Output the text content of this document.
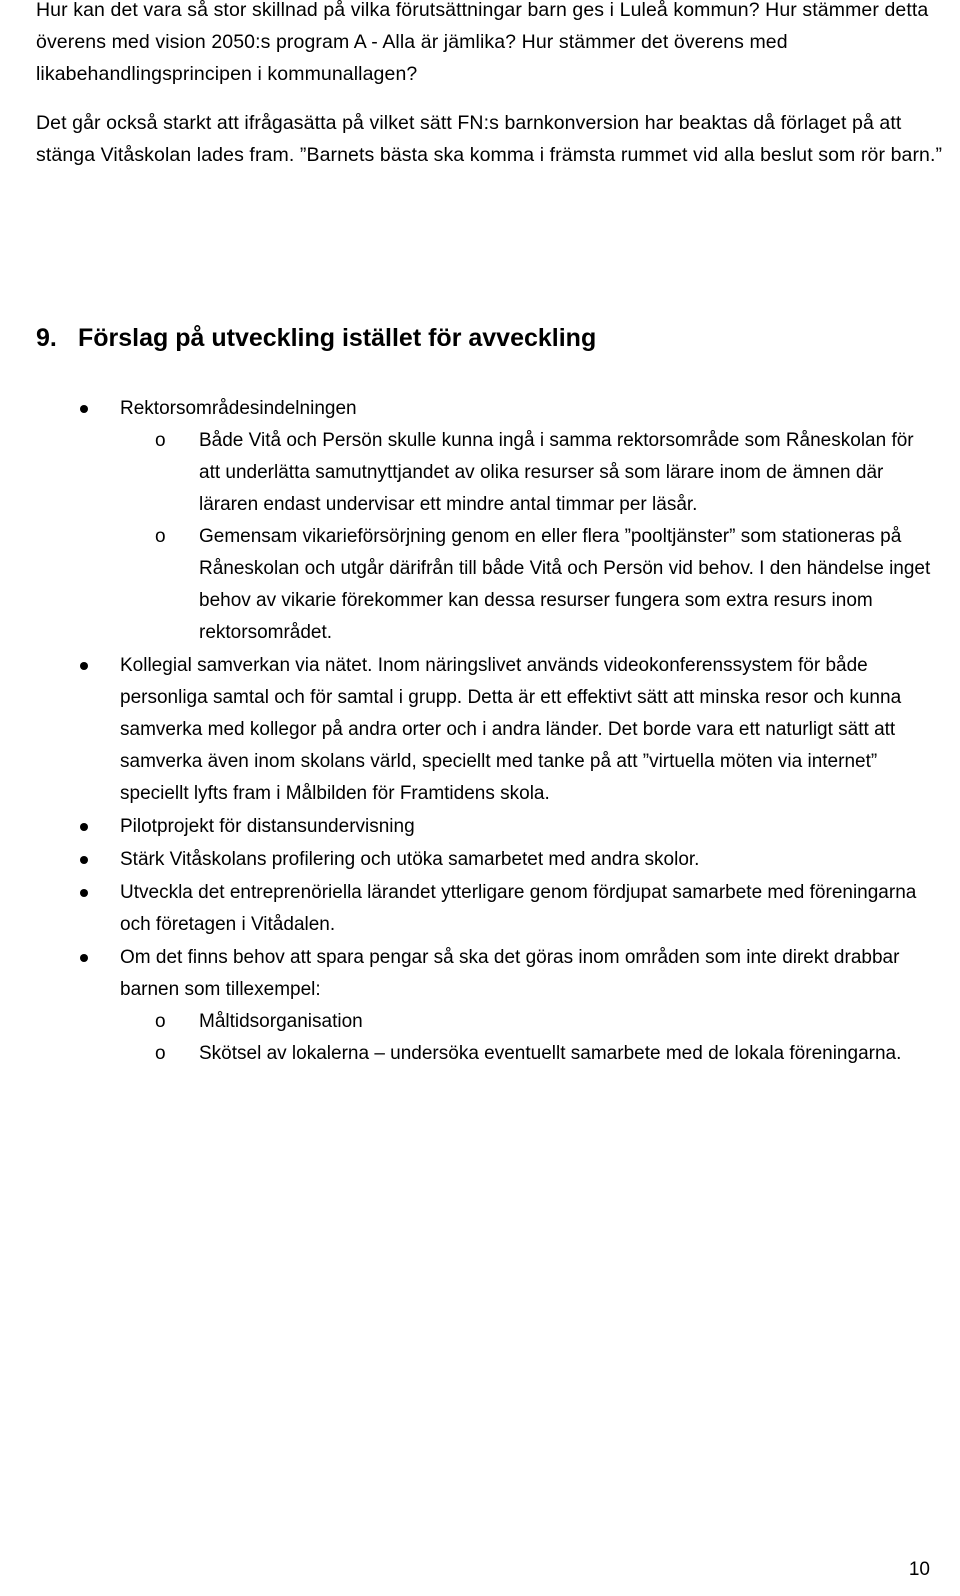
Hur kan det vara så stor skillnad på vilka förutsättningar barn ges i Luleå kommun? Hur stämmer detta överens med vision 2050:s program A - Alla är jämlika? Hur stämmer det överens med likabehandlingsprincipen i kommunallagen?

Det går också starkt att ifrågasätta på vilket sätt FN:s barnkonversion har beaktas då förlaget på att stänga Vitåskolan lades fram. ”Barnets bästa ska komma i främsta rummet vid alla beslut som rör barn.”

9. Förslag på utveckling istället för avveckling
Rektorsområdesindelningen
o Både Vitå och Persön skulle kunna ingå i samma rektorsområde som Råneskolan för att underlätta samutnyttjandet av olika resurser så som lärare inom de ämnen där läraren endast undervisar ett mindre antal timmar per läsår.
o Gemensam vikarieförsörjning genom en eller flera ”pooltjänster” som stationeras på Råneskolan och utgår därifrån till både Vitå och Persön vid behov. I den händelse inget behov av vikarie förekommer kan dessa resurser fungera som extra resurs inom rektorsområdet.
Kollegial samverkan via nätet. Inom näringslivet används videokonferenssystem för både personliga samtal och för samtal i grupp. Detta är ett effektivt sätt att minska resor och kunna samverka med kollegor på andra orter och i andra länder. Det borde vara ett naturligt sätt att samverka även inom skolans värld, speciellt med tanke på att ”virtuella möten via internet” speciellt lyfts fram i Målbilden för Framtidens skola.
Pilotprojekt för distansundervisning
Stärk Vitåskolans profilering och utöka samarbetet med andra skolor.
Utveckla det entreprenöriella lärandet ytterligare genom fördjupat samarbete med föreningarna och företagen i Vitådalen.
Om det finns behov att spara pengar så ska det göras inom områden som inte direkt drabbar barnen som tillexempel:
o Måltidsorganisation
o Skötsel av lokalerna – undersöka eventuellt samarbete med de lokala föreningarna.
10
